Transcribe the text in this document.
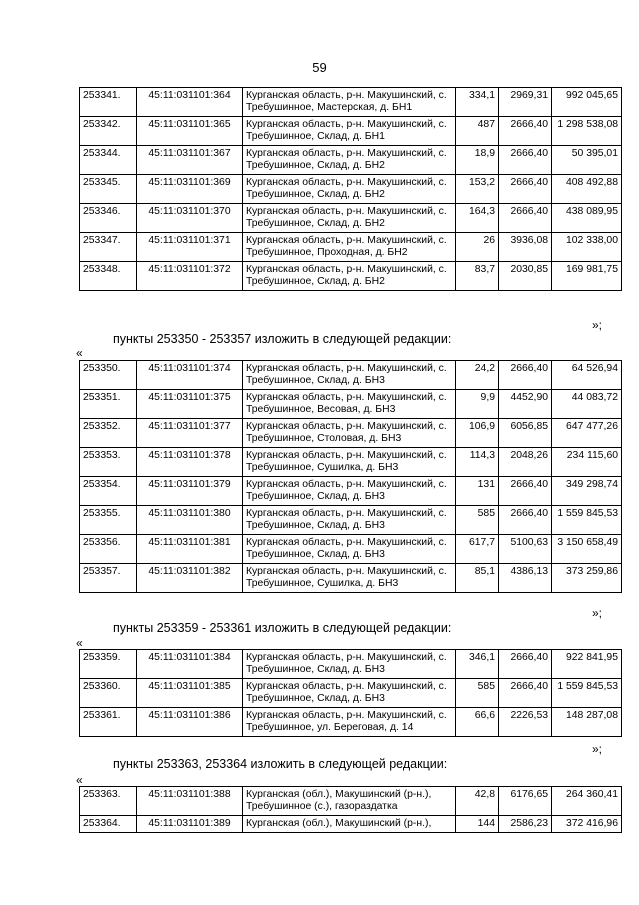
59
253341.	45:11:031101:364	Курганская область, р-н. Макушинский, с. Требушинное, Мастерская, д. БН1	334,1	2969,31	992 045,65
253342.	45:11:031101:365	Курганская область, р-н. Макушинский, с. Требушинное, Склад, д. БН1	487	2666,40	1 298 538,08
253344.	45:11:031101:367	Курганская область, р-н. Макушинский, с. Требушинное, Склад, д. БН2	18,9	2666,40	50 395,01
253345.	45:11:031101:369	Курганская область, р-н. Макушинский, с. Требушинное, Склад, д. БН2	153,2	2666,40	408 492,88
253346.	45:11:031101:370	Курганская область, р-н. Макушинский, с. Требушинное, Склад, д. БН2	164,3	2666,40	438 089,95
253347.	45:11:031101:371	Курганская область, р-н. Макушинский, с. Требушинное, Проходная, д. БН2	26	3936,08	102 338,00
253348.	45:11:031101:372	Курганская область, р-н. Макушинский, с. Требушинное, Склад, д. БН2	83,7	2030,85	169 981,75
»;
пункты 253350 - 253357 изложить в следующей редакции:
«
253350.	45:11:031101:374	Курганская область, р-н. Макушинский, с. Требушинное, Склад, д. БН3	24,2	2666,40	64 526,94
253351.	45:11:031101:375	Курганская область, р-н. Макушинский, с. Требушинное, Весовая, д. БН3	9,9	4452,90	44 083,72
253352.	45:11:031101:377	Курганская область, р-н. Макушинский, с. Требушинное, Столовая, д. БН3	106,9	6056,85	647 477,26
253353.	45:11:031101:378	Курганская область, р-н. Макушинский, с. Требушинное, Сушилка, д. БН3	114,3	2048,26	234 115,60
253354.	45:11:031101:379	Курганская область, р-н. Макушинский, с. Требушинное, Склад, д. БН3	131	2666,40	349 298,74
253355.	45:11:031101:380	Курганская область, р-н. Макушинский, с. Требушинное, Склад, д. БН3	585	2666,40	1 559 845,53
253356.	45:11:031101:381	Курганская область, р-н. Макушинский, с. Требушинное, Склад, д. БН3	617,7	5100,63	3 150 658,49
253357.	45:11:031101:382	Курганская область, р-н. Макушинский, с. Требушинное, Сушилка, д. БН3	85,1	4386,13	373 259,86
»;
пункты 253359 - 253361 изложить в следующей редакции:
«
253359.	45:11:031101:384	Курганская область, р-н. Макушинский, с. Требушинное, Склад, д. БН3	346,1	2666,40	922 841,95
253360.	45:11:031101:385	Курганская область, р-н. Макушинский, с. Требушинное, Склад, д. БН3	585	2666,40	1 559 845,53
253361.	45:11:031101:386	Курганская область, р-н. Макушинский, с. Требушинное, ул. Береговая, д. 14	66,6	2226,53	148 287,08
»;
пункты 253363, 253364 изложить в следующей редакции:
«
253363.	45:11:031101:388	Курганская (обл.), Макушинский (р-н.), Требушинное (с.), газораздатка	42,8	6176,65	264 360,41
253364.	45:11:031101:389	Курганская (обл.), Макушинский (р-н.),	144	2586,23	372 416,96
